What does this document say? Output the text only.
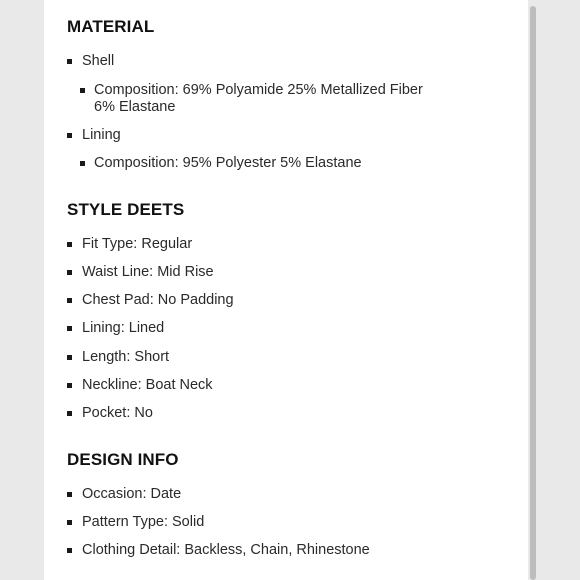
MATERIAL
Shell
Composition: 69% Polyamide 25% Metallized Fiber 6% Elastane
Lining
Composition: 95% Polyester 5% Elastane
STYLE DEETS
Fit Type: Regular
Waist Line: Mid Rise
Chest Pad: No Padding
Lining: Lined
Length: Short
Neckline: Boat Neck
Pocket: No
DESIGN INFO
Occasion: Date
Pattern Type: Solid
Clothing Detail: Backless, Chain, Rhinestone
